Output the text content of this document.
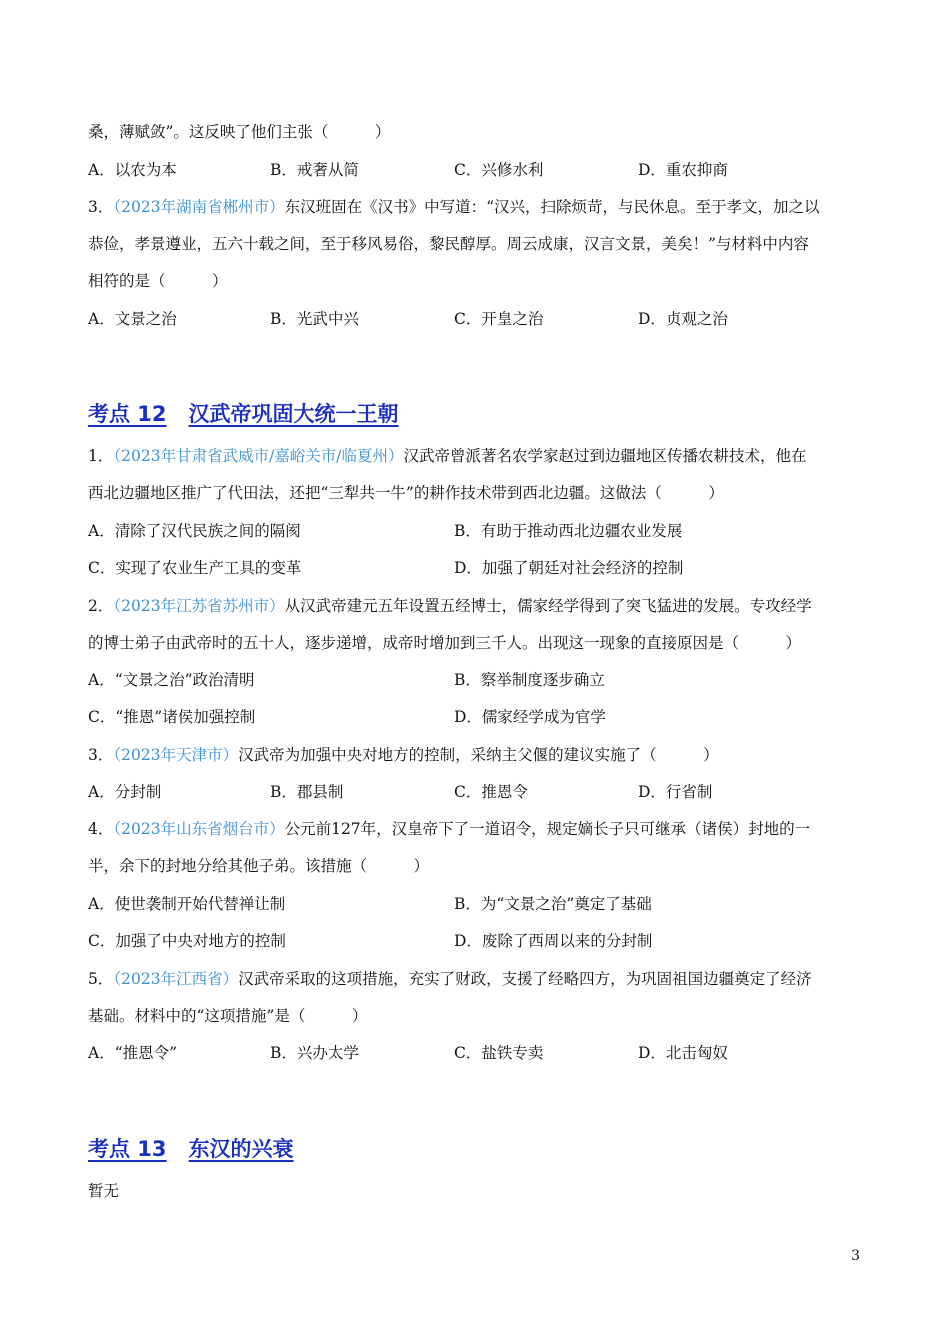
桑，薄赋敛”。这反映了他们主张（　　　）
A．以农为本	B．戒奢从简	C．兴修水利	D．重农抑商
3．（2023年湖南省郴州市）东汉班固在《汉书》中写道：“汉兴，扫除烦苛，与民休息。至于孝文，加之以
恭俭，孝景遵业，五六十载之间，至于移风易俗，黎民醇厚。周云成康，汉言文景，美矣！”与材料中内容
相符的是（　　　）
A．文景之治	B．光武中兴	C．开皇之治	D．贞观之治
考点 12 汉武帝巩固大统一王朝
1．（2023年甘肃省武威市/嘉峪关市/临夏州）汉武帝曾派著名农学家赵过到边疆地区传播农耕技术，他在
西北边疆地区推广了代田法，还把“三犁共一牛”的耕作技术带到西北边疆。这做法（　　　）
A．清除了汉代民族之间的隔阂	B．有助于推动西北边疆农业发展
C．实现了农业生产工具的变革	D．加强了朝廷对社会经济的控制
2．（2023年江苏省苏州市）从汉武帝建元五年设置五经博士，儒家经学得到了突飞猛进的发展。专攻经学
的博士弟子由武帝时的五十人，逐步递增，成帝时增加到三千人。出现这一现象的直接原因是（　　　）
A．“文景之治”政治清明	B．察举制度逐步确立
C．“推恩”诸侯加强控制	D．儒家经学成为官学
3．（2023年天津市）汉武帝为加强中央对地方的控制，采纳主父偃的建议实施了（　　　）
A．分封制	B．郡县制	C．推恩令	D．行省制
4．（2023年山东省烟台市）公元前127年，汉皇帝下了一道诏令，规定嫡长子只可继承（诸侯）封地的一
半，余下的封地分给其他子弟。该措施（　　　）
A．使世袭制开始代替禅让制	B．为“文景之治”奠定了基础
C．加强了中央对地方的控制	D．废除了西周以来的分封制
5．（2023年江西省）汉武帝采取的这项措施，充实了财政，支援了经略四方，为巩固祖国边疆奠定了经济
基础。材料中的“这项措施”是（　　　）
A．“推恩令”	B．兴办太学	C．盐铁专卖	D．北击匈奴
考点 13 东汉的兴衰
暂无
3
